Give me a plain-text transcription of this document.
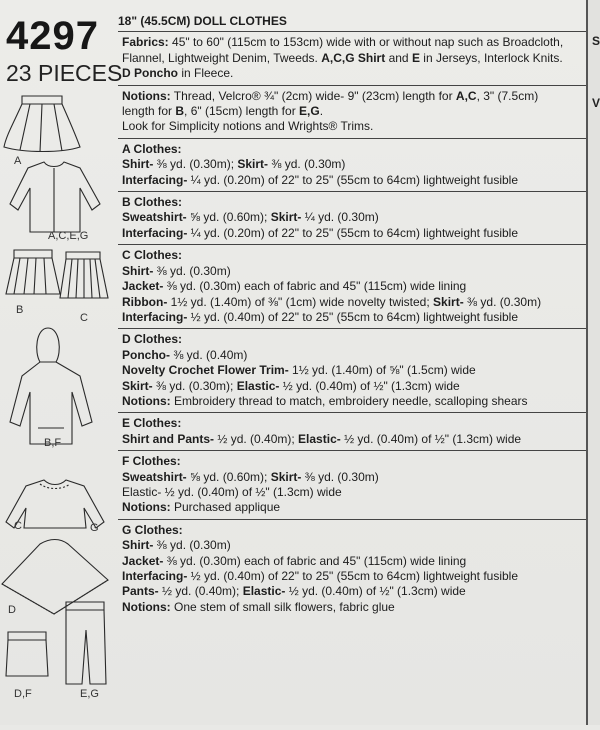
4297
23 PIECES
A
A,C,E,G
B
C
B,F
C	G
D
D,F	E,G
18" (45.5CM) DOLL CLOTHES
Fabrics: 45" to 60" (115cm to 153cm) wide with or without nap such as Broadcloth,
Flannel, Lightweight Denim, Tweeds. A,C,G Shirt and E in Jerseys, Interlock Knits.
D Poncho in Fleece.
Notions: Thread, Velcro® ¾" (2cm) wide- 9" (23cm) length for A,C, 3" (7.5cm)
length for B, 6" (15cm) length for E,G.
Look for Simplicity notions and Wrights® Trims.
A Clothes:
Shirt- ⅜ yd. (0.30m); Skirt- ⅜ yd. (0.30m)
Interfacing- ¼ yd. (0.20m) of 22" to 25" (55cm to 64cm) lightweight fusible
B Clothes:
Sweatshirt- ⅝ yd. (0.60m); Skirt- ¼ yd. (0.30m)
Interfacing- ¼ yd. (0.20m) of 22" to 25" (55cm to 64cm) lightweight fusible
C Clothes:
Shirt- ⅜ yd. (0.30m)
Jacket- ⅜ yd. (0.30m) each of fabric and 45" (115cm) wide lining
Ribbon- 1½ yd. (1.40m) of ⅜" (1cm) wide novelty twisted; Skirt- ⅜ yd. (0.30m)
Interfacing- ½ yd. (0.40m) of 22" to 25" (55cm to 64cm) lightweight fusible
D Clothes:
Poncho- ⅜ yd. (0.40m)
Novelty Crochet Flower Trim- 1½ yd. (1.40m) of ⅝" (1.5cm) wide
Skirt- ⅜ yd. (0.30m); Elastic- ½ yd. (0.40m) of ½" (1.3cm) wide
Notions: Embroidery thread to match, embroidery needle, scalloping shears
E Clothes:
Shirt and Pants- ½ yd. (0.40m); Elastic- ½ yd. (0.40m) of ½" (1.3cm) wide
F Clothes:
Sweatshirt- ⅝ yd. (0.60m); Skirt- ⅜ yd. (0.30m)
Elastic- ½ yd. (0.40m) of ½" (1.3cm) wide
Notions: Purchased applique
G Clothes:
Shirt- ⅜ yd. (0.30m)
Jacket- ⅜ yd. (0.30m) each of fabric and 45" (115cm) wide lining
Interfacing- ½ yd. (0.40m) of 22" to 25" (55cm to 64cm) lightweight fusible
Pants- ½ yd. (0.40m); Elastic- ½ yd. (0.40m) of ½" (1.3cm) wide
Notions: One stem of small silk flowers, fabric glue
S
V
